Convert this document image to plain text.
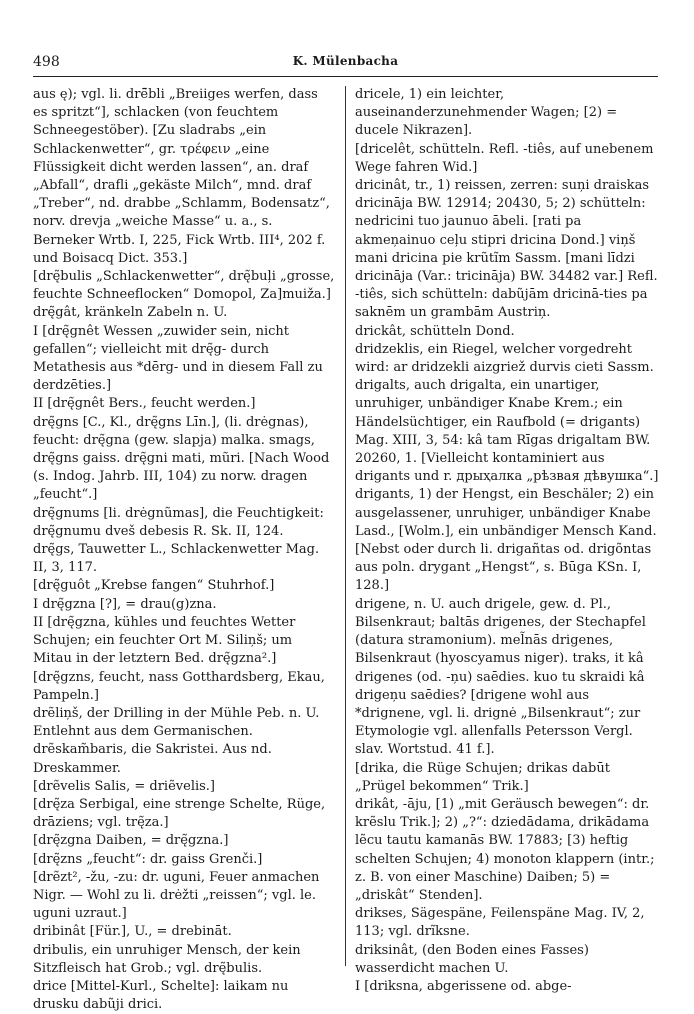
498	K. Mülenbacha

aus ę); vgl. li. drē̃bli „Breiiges werfen, dass es spritzt“], schlacken (von feuchtem Schneegestöber). [Zu sladrabs „ein Schlackenwetter“, gr. τρέφειν „eine Flüssigkeit dicht werden lassen“, an. draf „Abfall“, drafli „gekäste Milch“, mnd. draf „Treber“, nd. drabbe „Schlamm, Bodensatz“, norv. drevja „weiche Masse“ u. a., s. Berneker Wrtb. I, 225, Fick Wrtb. III⁴, 202 f. und Boisacq Dict. 353.]

[drę̃bulis „Schlackenwetter“, drę̃buļi „grosse, feuchte Schneeflocken“ Domopol, Za]muiža.]

drę̃gât, kränkeln Zabeln n. U.

I [drę̃gnêt Wessen „zuwider sein, nicht gefallen“; vielleicht mit drę̃g- durch Metathesis aus *dērg- und in diesem Fall zu derdzēties.]

II [drę̃gnêt Bers., feucht werden.]

drę̃gns [C., Kl., drę̃gns Līn.], (li. drėgnas), feucht: drę̃gna (gew. slapja) malka. smags, drę̃gns gaiss. drę̃gni mati, mũri. [Nach Wood (s. Indog. Jahrb. III, 104) zu norw. dragen „feucht“.]

drę̃gnums [li. drėgnũmas], die Feuchtigkeit: drę̃gnumu dveš debesis R. Sk. II, 124.

drę̃gs, Tauwetter L., Schlackenwetter Mag. II, 3, 117.

[drę̃guôt „Krebse fangen“ Stuhrhof.]

I drę̃gzna [?], = drau(g)zna.

II [drę̃gzna, kühles und feuchtes Wetter Schujen; ein feuchter Ort M. Siliņš; um Mitau in der letztern Bed. drę̃gzna².]

[drę̃gzns, feucht, nass Gotthardsberg, Ekau, Pampeln.]

drẽliņš, der Drilling in der Mühle Peb. n. U. Entlehnt aus dem Germanischen.

drẽskam̃baris, die Sakristei. Aus nd. Dreskammer.

[drẽvelis Salis, = driẽvelis.]

[drę̃za Serbigal, eine strenge Schelte, Rüge, drāziens; vgl. trę̃za.]

[drę̃zgna Daiben, = drę̃gzna.]

[drę̃zns „feucht“: dr. gaiss Grenči.]

[drẽzt², -žu, -zu: dr. uguni, Feuer anmachen Nigr. — Wohl zu li. drėžti „reissen“; vgl. le. uguni uzraut.]

dribinât [Für.], U., = drebināt.

dribulis, ein unruhiger Mensch, der kein Sitzfleisch hat Grob.; vgl. drę̃bulis.

drice [Mittel-Kurl., Schelte]: laikam nu drusku dabũji drici.

dricele, 1) ein leichter, auseinanderzunehmender Wagen; [2) = ducele Nikrazen].

[dricelêt, schütteln. Refl. -tiês, auf unebenem Wege fahren Wid.]

dricinât, tr., 1) reissen, zerren: suņi draiskas dricināja BW. 12914; 20430, 5; 2) schütteln: nedricini tuo jaunuo ābeli. [rati pa akmeņainuo ceļu stipri dricina Dond.] viņš mani dricina pie krũtĩm Sassm. [mani līdzi dricināja (Var.: tricināja) BW. 34482 var.] Refl. -tiês, sich schütteln: dabũjām dricinā-ties pa saknēm un grambām Austriņ.

drickât, schütteln Dond.

dridzeklis, ein Riegel, welcher vorgedreht wird: ar dridzekli aizgriež durvis cieti Sassm.

drigalts, auch drigalta, ein unartiger, unruhiger, unbändiger Knabe Krem.; ein Händelsüchtiger, ein Raufbold (= drigants) Mag. XIII, 3, 54: kâ tam Rīgas drigaltam BW. 20260, 1. [Vielleicht kontaminiert aus drigants und r. дрыҳалка „рѣзвая дѣвушка“.]

drigants, 1) der Hengst, ein Beschäler; 2) ein ausgelassener, unruhiger, unbändiger Knabe Lasd., [Wolm.], ein unbändiger Mensch Kand. [Nebst oder durch li. drigañtas od. drigõntas aus poln. drygant „Hengst“, s. Būga KSn. I, 128.]

drigene, n. U. auch drigele, gew. d. Pl., Bilsenkraut; baltās drigenes, der Stechapfel (datura stramonium). mel̃nās drigenes, Bilsenkraut (hyoscyamus niger). traks, it kâ drigenes (od. -ņu) saēdies. kuo tu skraidi kâ drigeņu saēdies? [drigene wohl aus *drignene, vgl. li. drignė „Bilsenkraut“; zur Etymologie vgl. allenfalls Petersson Vergl. slav. Wortstud. 41 f.].

[drika, die Rüge Schujen; drikas dabūt „Prügel bekommen“ Trik.]

drikât, -āju, [1) „mit Geräusch bewegen“: dr. krẽslu Trik.]; 2) „?“: dziedādama, drikādama lẽcu tautu kamanās BW. 17883; [3) heftig schelten Schujen; 4) monoton klappern (intr.; z. B. von einer Maschine) Daiben; 5) = „driskât“ Stenden].

drikses, Sägespäne, Feilenspäne Mag. IV, 2, 113; vgl. drĩksne.

driksinât, (den Boden eines Fasses) wasserdicht machen U.

I [driksna, abgerissene od. abge-
